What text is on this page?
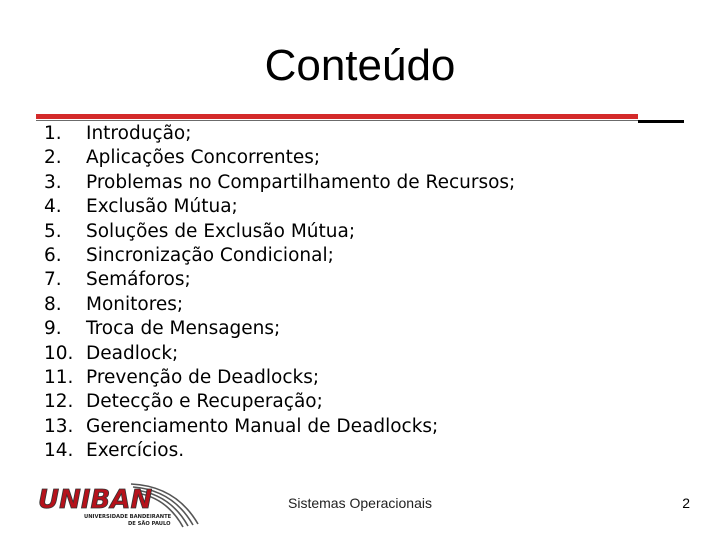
Conteúdo
1.	Introdução;
2.	Aplicações Concorrentes;
3.	Problemas no Compartilhamento de Recursos;
4.	Exclusão Mútua;
5.	Soluções de Exclusão Mútua;
6.	Sincronização Condicional;
7.	Semáforos;
8.	Monitores;
9.	Troca de Mensagens;
10. Deadlock;
11. Prevenção de Deadlocks;
12. Detecção e Recuperação;
13. Gerenciamento Manual de Deadlocks;
14. Exercícios.
UNIBAN
UNIVERSIDADE BANDEIRANTE
DE SÃO PAULO
Sistemas Operacionais	2
